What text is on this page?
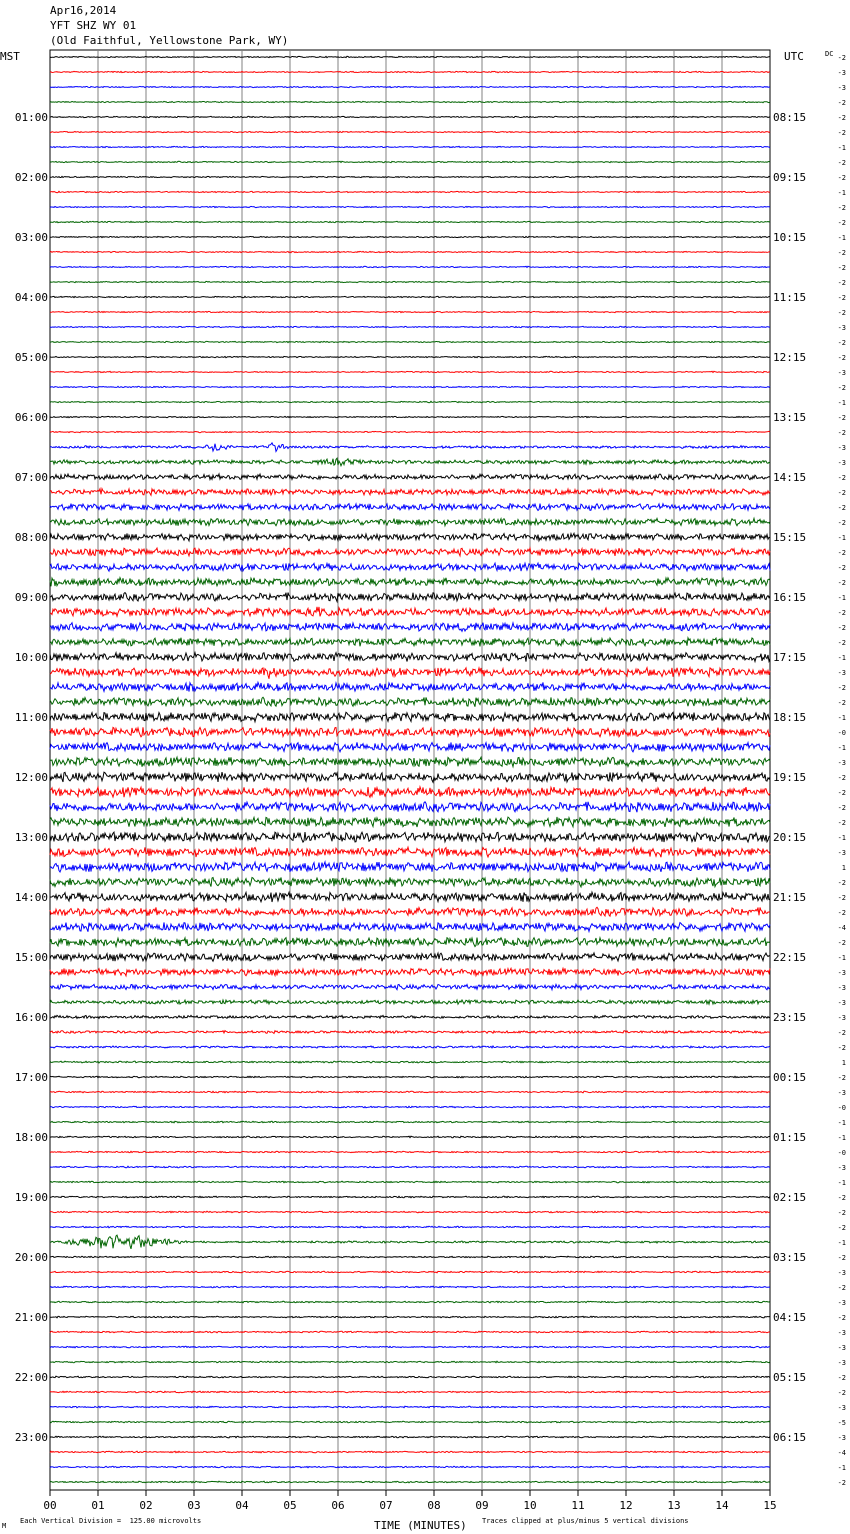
Apr16,2014
YFT SHZ WY 01
(Old Faithful, Yellowstone Park, WY)
MST	UTC	DC
00	01	02	03	04	05	06	07	08	09	10	11	12	13	14	15
-2
-3
-3
-2
-2
-2
-1
-2
-2
-1
-2
-2
-1
-2
-2
-2
-2
-2
-3
-2
-2
-3
-2
-1
-2
-2
-3
-3
-2
-2
-2
-2
-1
-2
-2
-2
-1
-2
-2
-2
-1
-3
-2
-2
-1
-0
-1
-3
-2
-2
-2
-2
-1
-3
1
-2
-2
-2
-4
-2
-1
-3
-3
-3
-3
-2
-2
1
-2
-3
-0
-1
-1
-0
-3
-1
-2
-2
-2
-1
-2
-3
-2
-3
-2
-3
-3
-3
-2
-2
-3
-5
-3
-4
-1
-2
01:00
02:00
03:00
04:00
05:00
06:00
07:00
08:00
09:00
10:00
11:00
12:00
13:00
14:00
15:00
16:00
17:00
18:00
19:00
20:00
21:00
22:00
23:00
08:15
09:15
10:15
11:15
12:15
13:15
14:15
15:15
16:15
17:15
18:15
19:15
20:15
21:15
22:15
23:15
00:15
01:15
02:15
03:15
04:15
05:15
06:15
TIME (MINUTES)
Each Vertical Division =  125.00 microvolts	Traces clipped at plus/minus 5 vertical divisions
M
